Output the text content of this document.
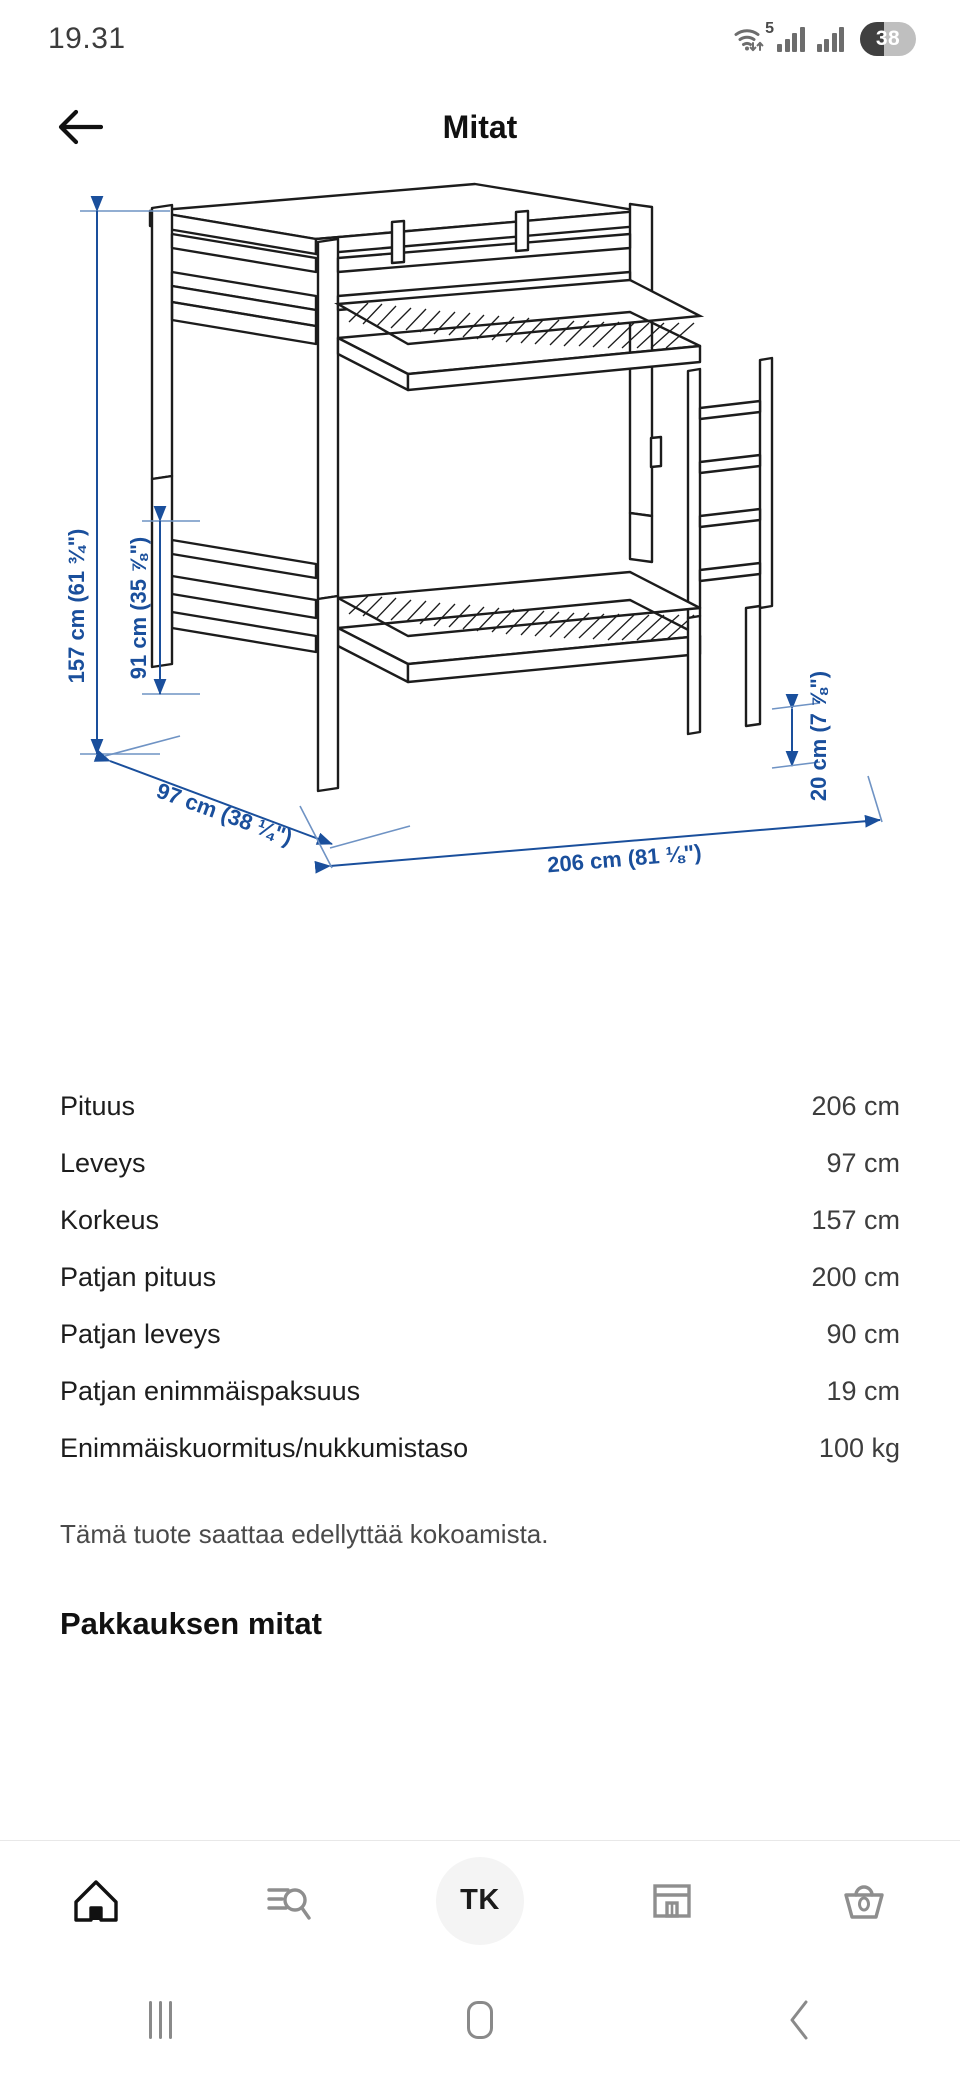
19.31	5	38
Mitat
157 cm (61 ¾") 91 cm (35 ⅞")
97 cm (38 ¼")
206 cm (81 ⅛")
20 cm (7 ⅞")
Pituus	206 cm
Leveys	97 cm
Korkeus	157 cm
Patjan pituus	200 cm
Patjan leveys	90 cm
Patjan enimmäispaksuus	19 cm
Enimmäiskuormitus/nukkumistaso	100 kg
Tämä tuote saattaa edellyttää kokoamista.
Pakkauksen mitat
TK
